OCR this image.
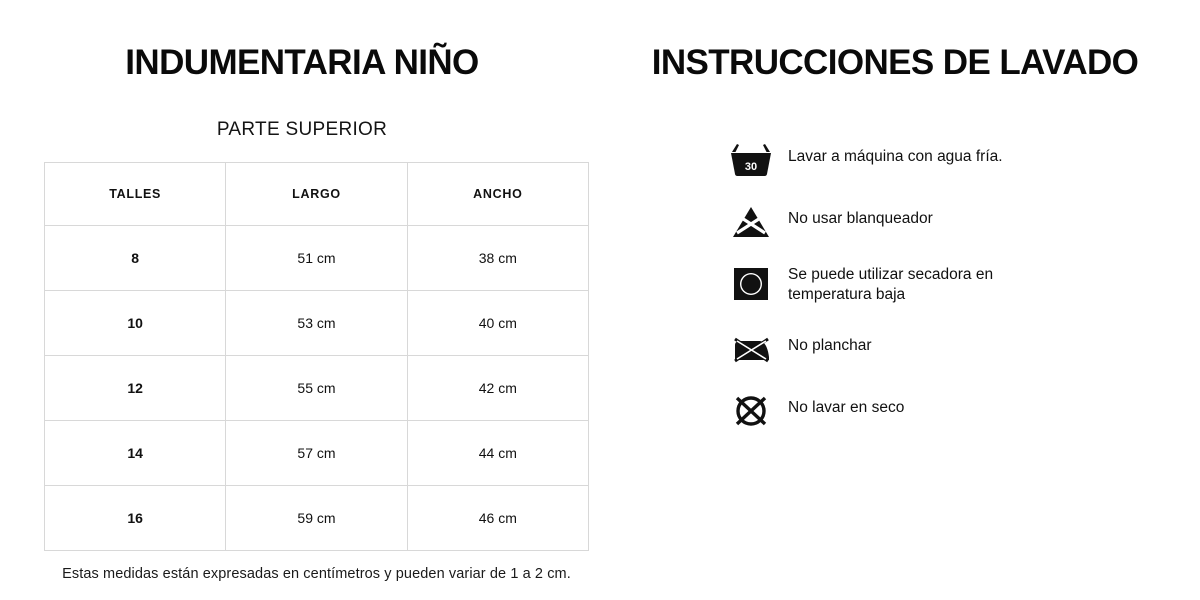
INDUMENTARIA NIÑO
PARTE SUPERIOR
TALLES	LARGO	ANCHO
8	51 cm	38 cm
10	53 cm	40 cm
12	55 cm	42 cm
14	57 cm	44 cm
16	59 cm	46 cm
Estas medidas están expresadas en centímetros y pueden variar de 1 a 2 cm.
INSTRUCCIONES DE LAVADO
30
Lavar a máquina con agua fría.
No usar blanqueador
Se puede utilizar secadora en temperatura baja
No planchar
No lavar en seco
